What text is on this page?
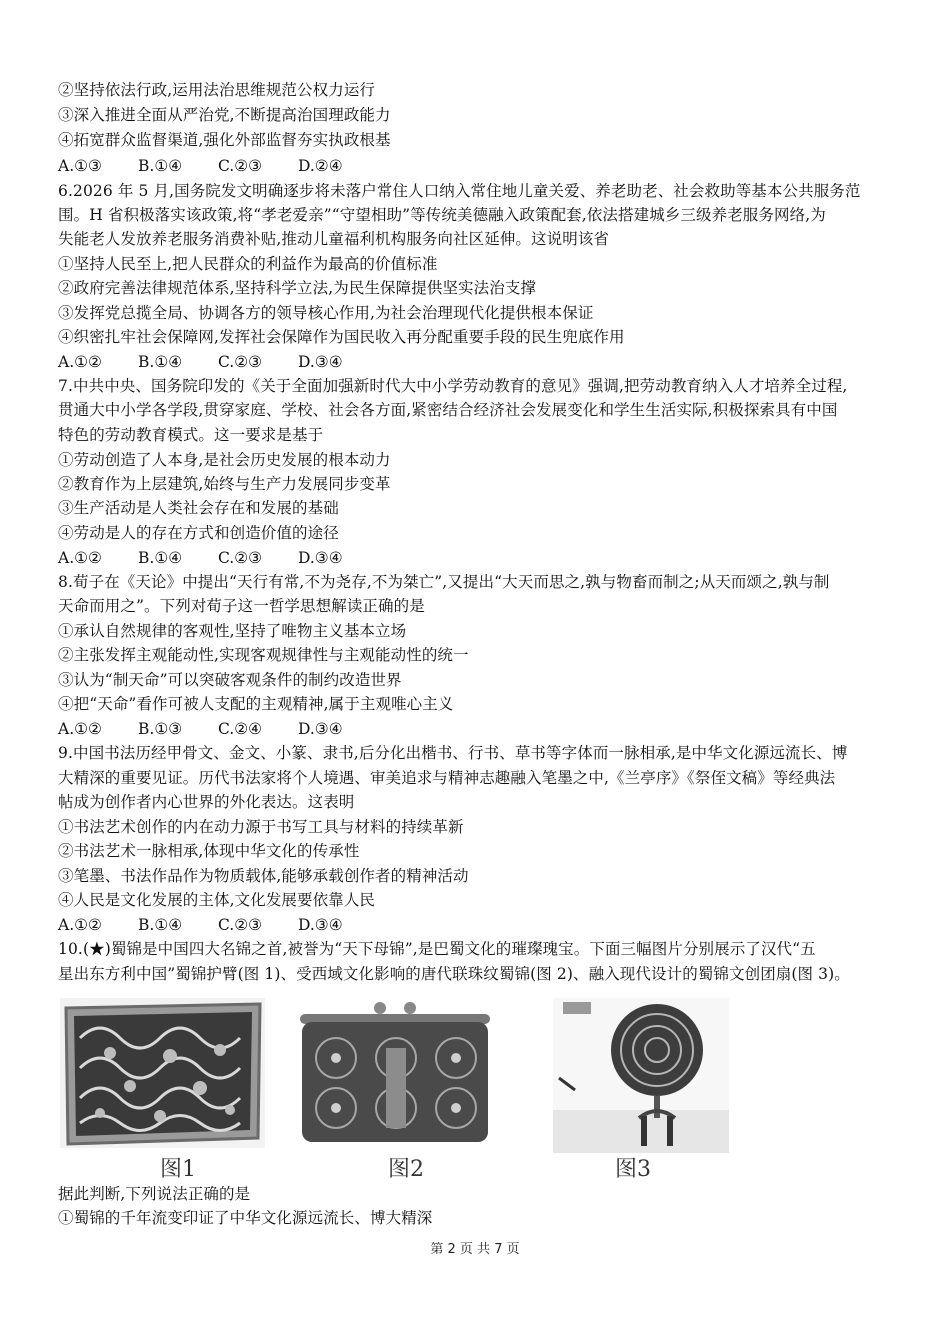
②坚持依法行政,运用法治思维规范公权力运行
③深入推进全面从严治党,不断提高治国理政能力
④拓宽群众监督渠道,强化外部监督夯实执政根基
A.①③ B.①④ C.②③ D.②④
6.2026 年 5 月,国务院发文明确逐步将未落户常住人口纳入常住地儿童关爱、养老助老、社会救助等基本公共服务范
围。H 省积极落实该政策,将“孝老爱亲”“守望相助”等传统美德融入政策配套,依法搭建城乡三级养老服务网络,为
失能老人发放养老服务消费补贴,推动儿童福利机构服务向社区延伸。这说明该省
①坚持人民至上,把人民群众的利益作为最高的价值标准
②政府完善法律规范体系,坚持科学立法,为民生保障提供坚实法治支撑
③发挥党总揽全局、协调各方的领导核心作用,为社会治理现代化提供根本保证
④织密扎牢社会保障网,发挥社会保障作为国民收入再分配重要手段的民生兜底作用
A.①② B.①④ C.②③ D.③④
7.中共中央、国务院印发的《关于全面加强新时代大中小学劳动教育的意见》强调,把劳动教育纳入人才培养全过程,
贯通大中小学各学段,贯穿家庭、学校、社会各方面,紧密结合经济社会发展变化和学生生活实际,积极探索具有中国
特色的劳动教育模式。这一要求是基于
①劳动创造了人本身,是社会历史发展的根本动力
②教育作为上层建筑,始终与生产力发展同步变革
③生产活动是人类社会存在和发展的基础
④劳动是人的存在方式和创造价值的途径
A.①② B.①④ C.②③ D.③④
8.荀子在《天论》中提出“天行有常,不为尧存,不为桀亡”,又提出“大天而思之,孰与物畜而制之;从天而颂之,孰与制
天命而用之”。下列对荀子这一哲学思想解读正确的是
①承认自然规律的客观性,坚持了唯物主义基本立场
②主张发挥主观能动性,实现客观规律性与主观能动性的统一
③认为“制天命”可以突破客观条件的制约改造世界
④把“天命”看作可被人支配的主观精神,属于主观唯心主义
A.①② B.①③ C.②④ D.③④
9.中国书法历经甲骨文、金文、小篆、隶书,后分化出楷书、行书、草书等字体而一脉相承,是中华文化源远流长、博
大精深的重要见证。历代书法家将个人境遇、审美追求与精神志趣融入笔墨之中,《兰亭序》《祭侄文稿》等经典法
帖成为创作者内心世界的外化表达。这表明
①书法艺术创作的内在动力源于书写工具与材料的持续革新
②书法艺术一脉相承,体现中华文化的传承性
③笔墨、书法作品作为物质载体,能够承载创作者的精神活动
④人民是文化发展的主体,文化发展要依靠人民
A.①② B.①④ C.②③ D.③④
10.(★)蜀锦是中国四大名锦之首,被誉为“天下母锦”,是巴蜀文化的璀璨瑰宝。下面三幅图片分别展示了汉代“五
星出东方利中国”蜀锦护臂(图 1)、受西域文化影响的唐代联珠纹蜀锦(图 2)、融入现代设计的蜀锦文创团扇(图 3)。
图1	图2	图3
据此判断,下列说法正确的是
①蜀锦的千年流变印证了中华文化源远流长、博大精深
第 2 页 共 7 页
